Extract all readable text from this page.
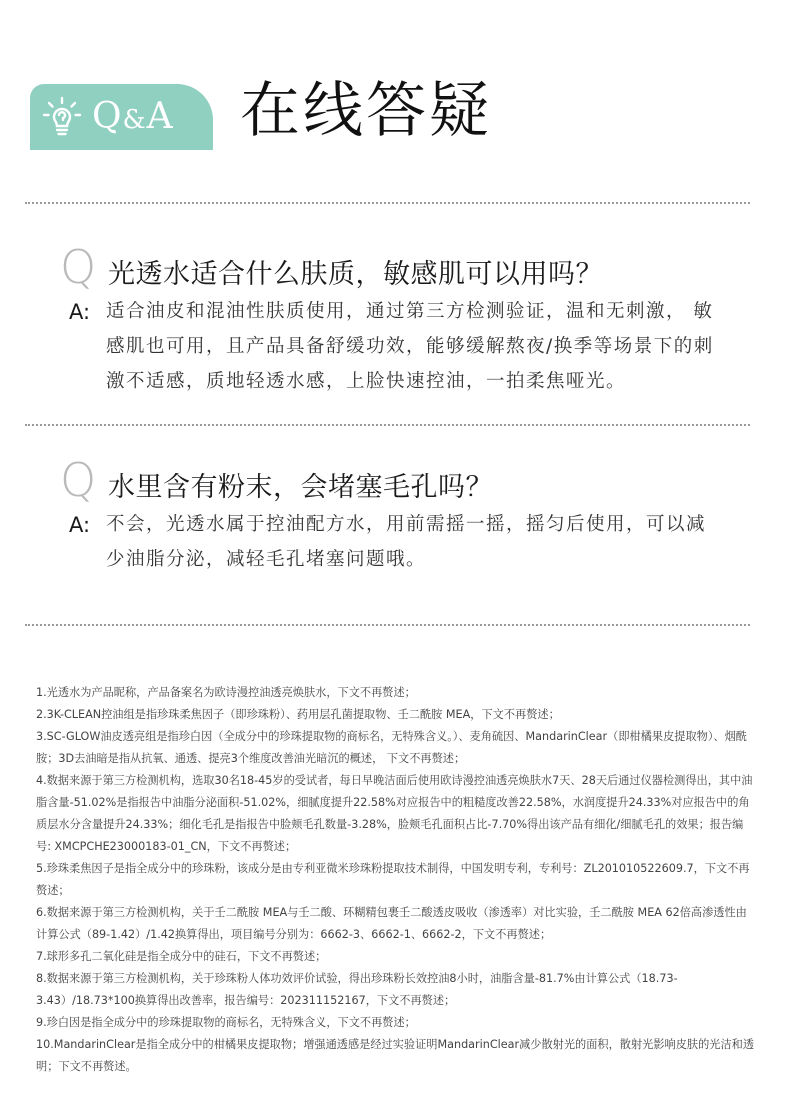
Q&A 在线答疑
Q 光透水适合什么肤质，敏感肌可以用吗？
A: 适合油皮和混油性肤质使用，通过第三方检测验证，温和无刺激， 敏感肌也可用，且产品具备舒缓功效，能够缓解熬夜/换季等场景下的刺激不适感，质地轻透水感，上脸快速控油，一拍柔焦哑光。
Q 水里含有粉末，会堵塞毛孔吗？
A: 不会，光透水属于控油配方水，用前需摇一摇，摇匀后使用，可以减少油脂分泌，减轻毛孔堵塞问题哦。

1.光透水为产品昵称，产品备案名为欧诗漫控油透亮焕肤水，下文不再赘述；

2.3K-CLEAN控油组是指珍珠柔焦因子（即珍珠粉）、药用层孔菌提取物、壬二酰胺 MEA，下文不再赘述；

3.SC-GLOW油皮透亮组是指珍白因（全成分中的珍珠提取物的商标名，无特殊含义。）、麦角硫因、MandarinClear（即柑橘果皮提取物）、烟酰胺；3D去油暗是指从抗氧、通透、提亮3个维度改善油光暗沉的概述， 下文不再赘述；

4.数据来源于第三方检测机构，选取30名18-45岁的受试者，每日早晚洁面后使用欧诗漫控油透亮焕肤水7天、28天后通过仪器检测得出，其中油脂含量-51.02%是指报告中油脂分泌面积-51.02%，细腻度提升22.58%对应报告中的粗糙度改善22.58%，水润度提升24.33%对应报告中的角质层水分含量提升24.33%；细化毛孔是指报告中脸颊毛孔数量-3.28%，脸颊毛孔面积占比-7.70%得出该产品有细化/细腻毛孔的效果；报告编号: XMCPCHE23000183-01_CN，下文不再赘述；

5.珍珠柔焦因子是指全成分中的珍珠粉，该成分是由专利亚微米珍珠粉提取技术制得，中国发明专利，专利号：ZL201010522609.7，下文不再赘述；

6.数据来源于第三方检测机构，关于壬二酰胺 MEA与壬二酸、环糊精包裹壬二酸透皮吸收（渗透率）对比实验，壬二酰胺 MEA 62倍高渗透性由计算公式（89-1.42）/1.42换算得出，项目编号分别为：6662-3、6662-1、6662-2，下文不再赘述；

7.球形多孔二氧化硅是指全成分中的硅石，下文不再赘述；

8.数据来源于第三方检测机构，关于珍珠粉人体功效评价试验，得出珍珠粉长效控油8小时，油脂含量-81.7%由计算公式（18.73-3.43）/18.73*100换算得出改善率，报告编号：202311152167，下文不再赘述；

9.珍白因是指全成分中的珍珠提取物的商标名，无特殊含义，下文不再赘述；

10.MandarinClear是指全成分中的柑橘果皮提取物；增强通透感是经过实验证明MandarinClear减少散射光的面积，散射光影响皮肤的光洁和透明；下文不再赘述。
